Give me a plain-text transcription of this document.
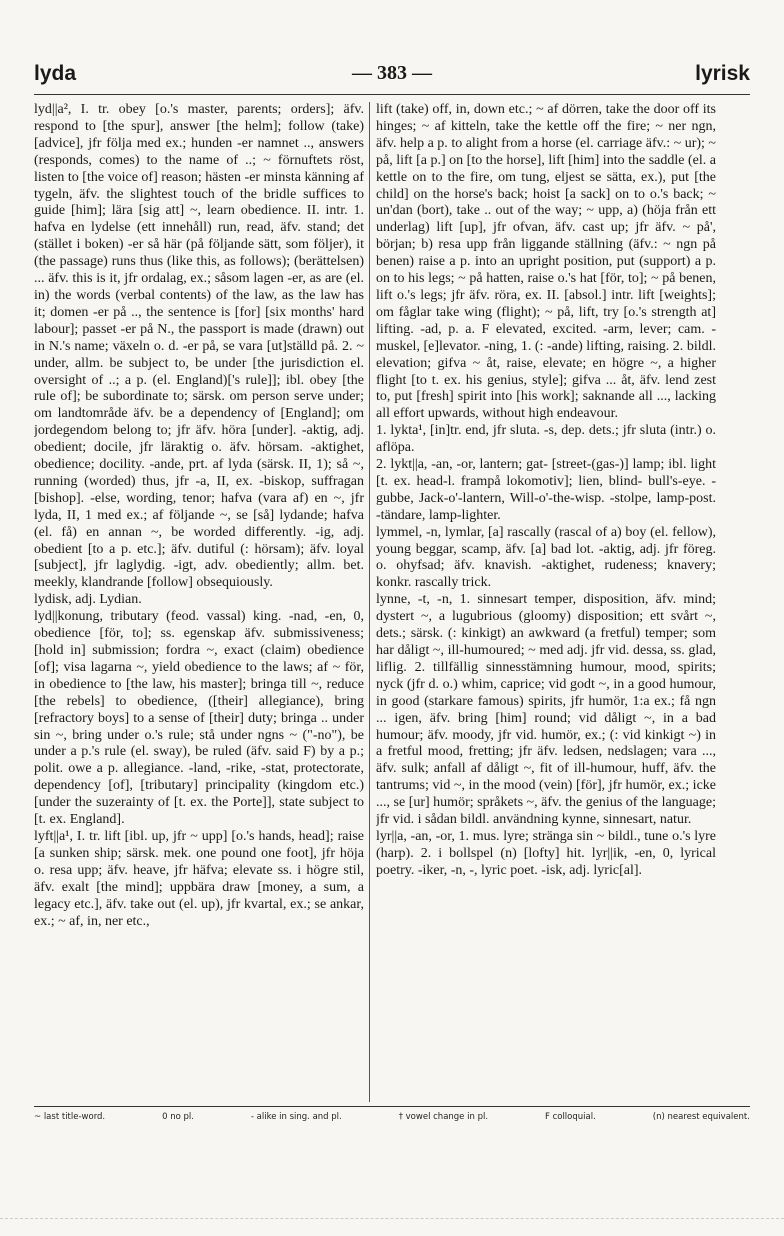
lyda	— 383 —	lyrisk

lyd||a², I. tr. obey [o.'s master, parents; orders]; äfv. respond to [the spur], answer [the helm]; follow (take) [advice], jfr följa med ex.; hunden -er namnet .., answers (responds, comes) to the name of ..; ~ förnuftets röst, listen to [the voice of] reason; hästen -er minsta känning af tygeln, äfv. the slightest touch of the bridle suffices to guide [him]; lära [sig att] ~, learn obedience. II. intr. 1. hafva en lydelse (ett innehåll) run, read, äfv. stand; det (stället i boken) -er så här (på följande sätt, som följer), it (the passage) runs thus (like this, as follows); (berättelsen) ... äfv. this is it, jfr ordalag, ex.; såsom lagen -er, as are (el. in) the words (verbal contents) of the law, as the law has it; domen -er på .., the sentence is [for] [six months' hard labour]; passet -er på N., the passport is made (drawn) out in N.'s name; växeln o. d. -er på, se vara [ut]ställd på. 2. ~ under, allm. be subject to, be under [the jurisdiction el. oversight of ..; a p. (el. England)['s rule]]; ibl. obey [the rule of]; be subordinate to; särsk. om person serve under; om landtområde äfv. be a dependency of [England]; om jordegendom belong to; jfr äfv. höra [under]. -aktig, adj. obedient; docile, jfr läraktig o. äfv. hörsam. -aktighet, obedience; docility. -ande, prt. af lyda (särsk. II, 1); så ~, running (worded) thus, jfr -a, II, ex. -biskop, suffragan [bishop]. -else, wording, tenor; hafva (vara af) en ~, jfr lyda, II, 1 med ex.; af följande ~, se [så] lydande; hafva (el. få) en annan ~, be worded differently. -ig, adj. obedient [to a p. etc.]; äfv. dutiful (: hörsam); äfv. loyal [subject], jfr laglydig. -igt, adv. obediently; allm. bet. meekly, klandrande [follow] obsequiously.

lydisk, adj. Lydian.

lyd||konung, tributary (feod. vassal) king. -nad, -en, 0, obedience [för, to]; ss. egenskap äfv. submissiveness; [hold in] submission; fordra ~, exact (claim) obedience [of]; visa lagarna ~, yield obedience to the laws; af ~ för, in obedience to [the law, his master]; bringa till ~, reduce [the rebels] to obedience, ([their] allegiance), bring [refractory boys] to a sense of [their] duty; bringa .. under sin ~, bring under o.'s rule; stå under ngns ~ ("-no"), be under a p.'s rule (el. sway), be ruled (äfv. said F) by a p.; polit. owe a p. allegiance. -land, -rike, -stat, protectorate, dependency [of], [tributary] principality (kingdom etc.) [under the suzerainty of [t. ex. the Porte]], state subject to [t. ex. England].

lyft||a¹, I. tr. lift [ibl. up, jfr ~ upp] [o.'s hands, head]; raise [a sunken ship; särsk. mek. one pound one foot], jfr höja o. resa upp; äfv. heave, jfr häfva; elevate ss. i högre stil, äfv. exalt [the mind]; uppbära draw [money, a sum, a legacy etc.], äfv. take out (el. up), jfr kvartal, ex.; se ankar, ex.; ~ af, in, ner etc.,

lift (take) off, in, down etc.; ~ af dörren, take the door off its hinges; ~ af kitteln, take the kettle off the fire; ~ ner ngn, äfv. help a p. to alight from a horse (el. carriage äfv.: ~ ur); ~ på, lift [a p.] on [to the horse], lift [him] into the saddle (el. a kettle on to the fire, om tung, eljest se sätta, ex.), put [the child] on the horse's back; hoist [a sack] on to o.'s back; ~ un'dan (bort), take .. out of the way; ~ upp, a) (höja från ett underlag) lift [up], jfr ofvan, äfv. cast up; jfr äfv. ~ på', början; b) resa upp från liggande ställning (äfv.: ~ ngn på benen) raise a p. into an upright position, put (support) a p. on to his legs; ~ på hatten, raise o.'s hat [för, to]; ~ på benen, lift o.'s legs; jfr äfv. röra, ex. II. [absol.] intr. lift [weights]; om fåglar take wing (flight); ~ på, lift, try [o.'s strength at] lifting. -ad, p. a. F elevated, excited. -arm, lever; cam. -muskel, [e]levator. -ning, 1. (: -ande) lifting, raising. 2. bildl. elevation; gifva ~ åt, raise, elevate; en högre ~, a higher flight [to t. ex. his genius, style]; gifva ... åt, äfv. lend zest to, put [fresh] spirit into [his work]; saknande all ..., lacking all effort upwards, without high endeavour.

1. lykta¹, [in]tr. end, jfr sluta. -s, dep. dets.; jfr sluta (intr.) o. aflöpa.

2. lykt||a, -an, -or, lantern; gat- [street-(gas-)] lamp; ibl. light [t. ex. head-l. frampå lokomotiv]; lien, blind- bull's-eye. -gubbe, Jack-o'-lantern, Will-o'-the-wisp. -stolpe, lamp-post. -tändare, lamp-lighter.

lymmel, -n, lymlar, [a] rascally (rascal of a) boy (el. fellow), young beggar, scamp, äfv. [a] bad lot. -aktig, adj. jfr föreg. o. ohyfsad; äfv. knavish. -aktighet, rudeness; knavery; konkr. rascally trick.

lynne, -t, -n, 1. sinnesart temper, disposition, äfv. mind; dystert ~, a lugubrious (gloomy) disposition; ett svårt ~, dets.; särsk. (: kinkigt) an awkward (a fretful) temper; som har dåligt ~, ill-humoured; ~ med adj. jfr vid. dessa, ss. glad, liflig. 2. tillfällig sinnesstämning humour, mood, spirits; nyck (jfr d. o.) whim, caprice; vid godt ~, in a good humour, in good (starkare famous) spirits, jfr humör, 1:a ex.; få ngn ... igen, äfv. bring [him] round; vid dåligt ~, in a bad humour; äfv. moody, jfr vid. humör, ex.; (: vid kinkigt ~) in a fretful mood, fretting; jfr äfv. ledsen, nedslagen; vara ..., äfv. sulk; anfall af dåligt ~, fit of ill-humour, huff, äfv. the tantrums; vid ~, in the mood (vein) [för], jfr humör, ex.; icke ..., se [ur] humör; språkets ~, äfv. the genius of the language; jfr vid. i sådan bildl. användning kynne, sinnesart, natur.

lyr||a, -an, -or, 1. mus. lyre; stränga sin ~ bildl., tune o.'s lyre (harp). 2. i bollspel (n) [lofty] hit. lyr||ik, -en, 0, lyrical poetry. -iker, -n, -, lyric poet. -isk, adj. lyric[al].

~ last title-word.	0 no pl.	- alike in sing. and pl.	† vowel change in pl.	F colloquial.	(n) nearest equivalent.
